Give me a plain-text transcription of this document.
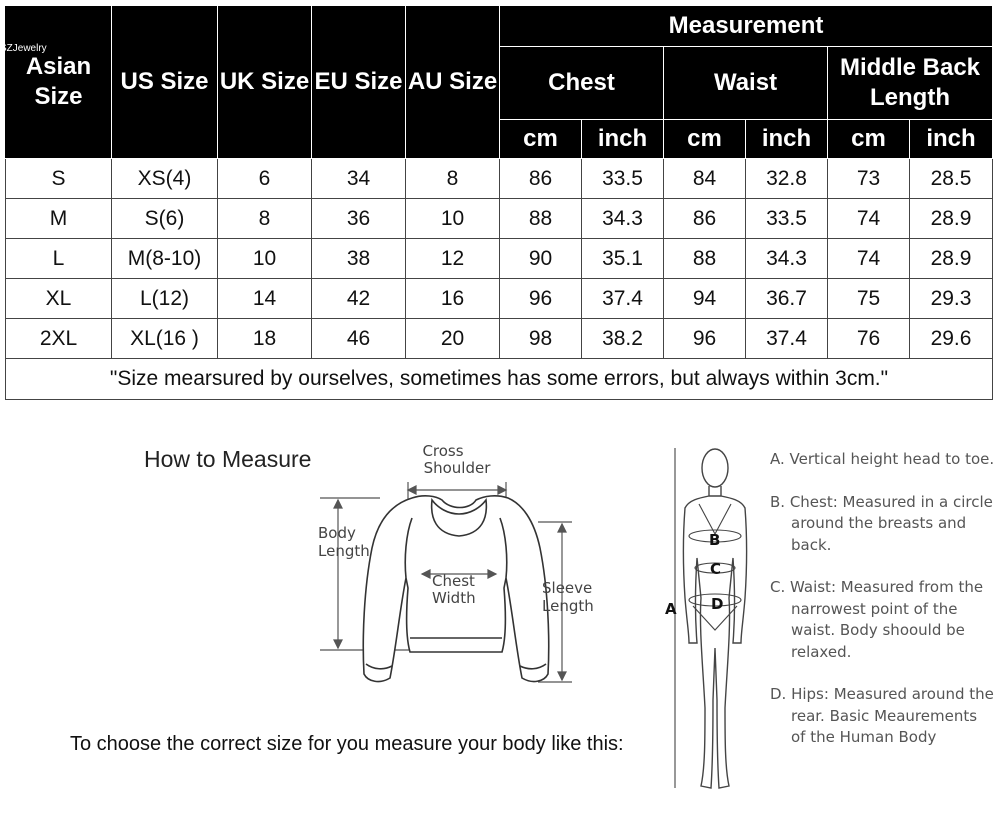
SZJewelry
Asian Size	US Size	UK Size	EU Size	AU Size	Measurement					
					Chest		Waist		Middle Back Length	
					cm	inch	cm	inch	cm	inch
S	XS(4)	6	34	8	86	33.5	84	32.8	73	28.5
M	S(6)	8	36	10	88	34.3	86	33.5	74	28.9
L	M(8-10)	10	38	12	90	35.1	88	34.3	74	28.9
XL	L(12)	14	42	16	96	37.4	94	36.7	75	29.3
2XL	XL(16 )	18	46	20	98	38.2	96	37.4	76	29.6
"Size mearsured by ourselves, sometimes has some errors, but always within 3cm."										
How to Measure	Cross
Shoulder
Body
Length
Chest
Width
Sleeve
Length
B
C
D
A
A. Vertical height head to toe.
B. Chest: Measured in a circle around the breasts and back.
C. Waist: Measured from the narrowest point of the waist. Body shoould be relaxed.
D. Hips: Measured around the rear. Basic Meaurements of the Human Body
To choose the correct size for you measure your body like this:
